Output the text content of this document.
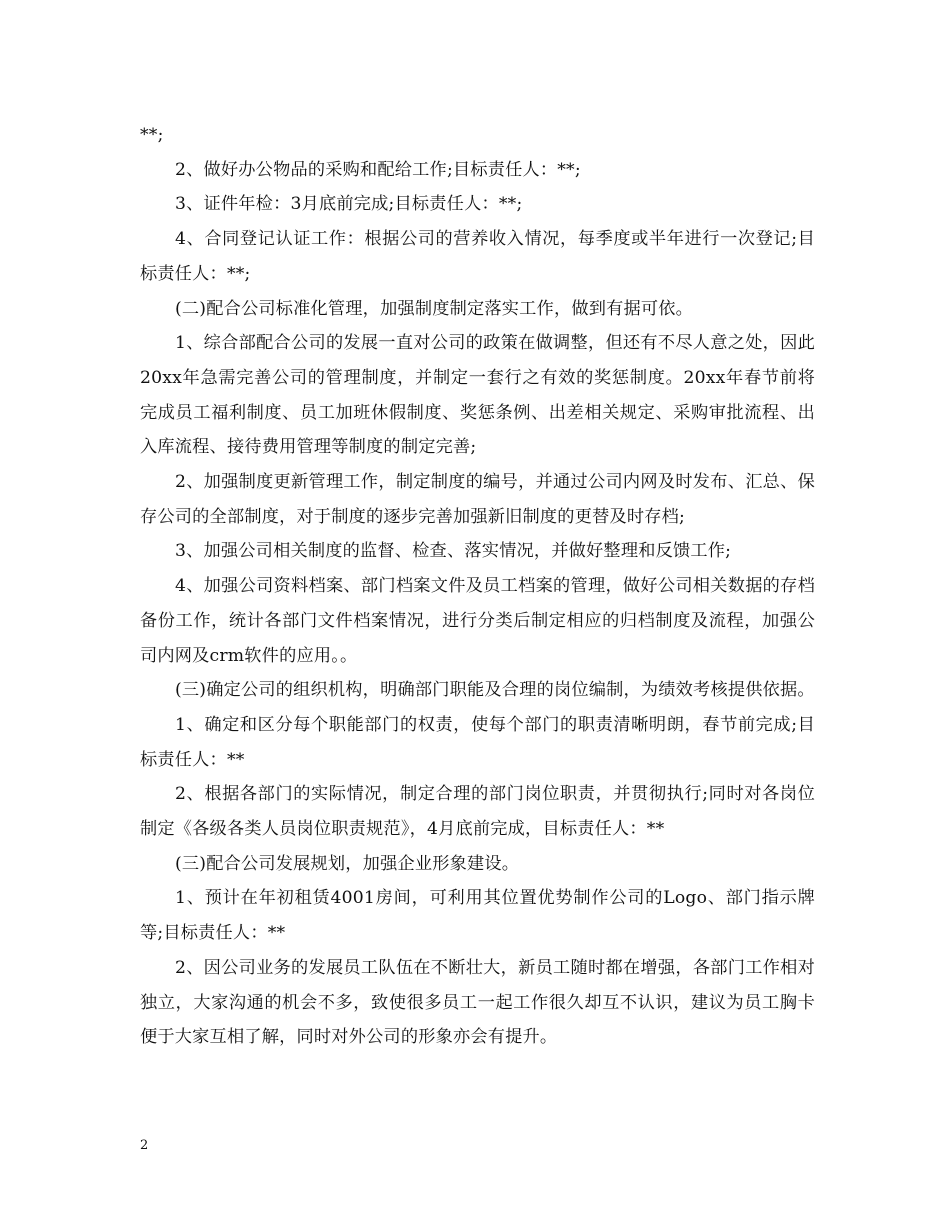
**;

2、做好办公物品的采购和配给工作;目标责任人：**;

3、证件年检：3月底前完成;目标责任人：**;

4、合同登记认证工作：根据公司的营养收入情况，每季度或半年进行一次登记;目标责任人：**;

(二)配合公司标准化管理，加强制度制定落实工作，做到有据可依。

1、综合部配合公司的发展一直对公司的政策在做调整，但还有不尽人意之处，因此20xx年急需完善公司的管理制度，并制定一套行之有效的奖惩制度。20xx年春节前将完成员工福利制度、员工加班休假制度、奖惩条例、出差相关规定、采购审批流程、出入库流程、接待费用管理等制度的制定完善;

2、加强制度更新管理工作，制定制度的编号，并通过公司内网及时发布、汇总、保存公司的全部制度，对于制度的逐步完善加强新旧制度的更替及时存档;

3、加强公司相关制度的监督、检查、落实情况，并做好整理和反馈工作;

4、加强公司资料档案、部门档案文件及员工档案的管理，做好公司相关数据的存档备份工作，统计各部门文件档案情况，进行分类后制定相应的归档制度及流程，加强公司内网及crm软件的应用。。

(三)确定公司的组织机构，明确部门职能及合理的岗位编制，为绩效考核提供依据。

1、确定和区分每个职能部门的权责，使每个部门的职责清晰明朗，春节前完成;目标责任人：**

2、根据各部门的实际情况，制定合理的部门岗位职责，并贯彻执行;同时对各岗位制定《各级各类人员岗位职责规范》，4月底前完成，目标责任人：**

(三)配合公司发展规划，加强企业形象建设。

1、预计在年初租赁4001房间，可利用其位置优势制作公司的Logo、部门指示牌等;目标责任人：**

2、因公司业务的发展员工队伍在不断壮大，新员工随时都在增强，各部门工作相对独立，大家沟通的机会不多，致使很多员工一起工作很久却互不认识，建议为员工胸卡便于大家互相了解，同时对外公司的形象亦会有提升。

2
